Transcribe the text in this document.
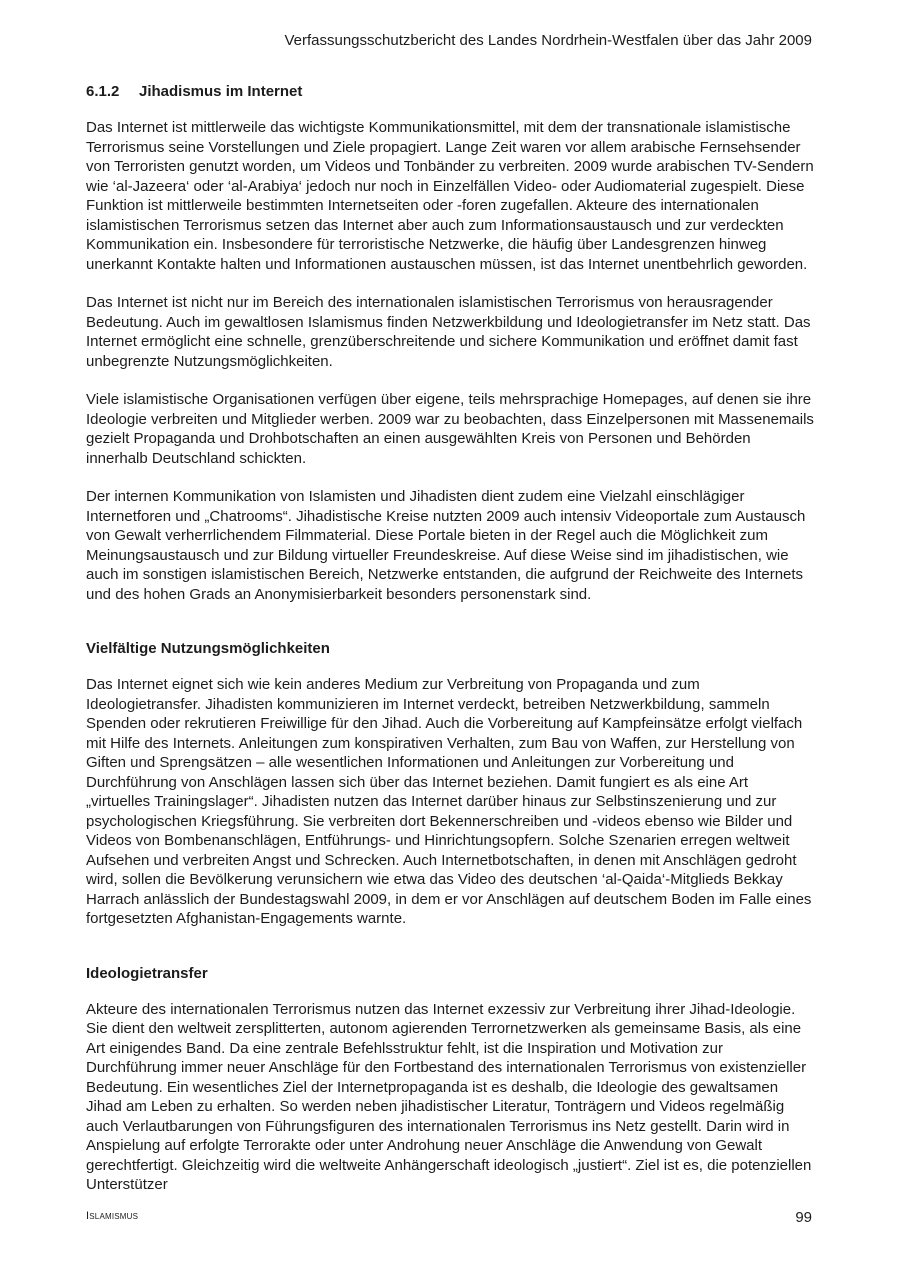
Verfassungsschutzbericht des Landes Nordrhein-Westfalen über das Jahr 2009
6.1.2 Jihadismus im Internet

Das Internet ist mittlerweile das wichtigste Kommunikationsmittel, mit dem der transnationale islamistische Terrorismus seine Vorstellungen und Ziele propagiert. Lange Zeit waren vor allem arabische Fernsehsender von Terroristen genutzt worden, um Videos und Tonbänder zu verbreiten. 2009 wurde arabischen TV-Sendern wie ‘al-Jazeera‘ oder ‘al-Arabiya‘ jedoch nur noch in Einzelfällen Video- oder Audiomaterial zugespielt. Diese Funktion ist mittlerweile bestimmten Internetseiten oder -foren zugefallen. Akteure des internationalen islamistischen Terrorismus setzen das Internet aber auch zum Informationsaustausch und zur verdeckten Kommunikation ein. Insbesondere für terroristische Netzwerke, die häufig über Landesgrenzen hinweg unerkannt Kontakte halten und Informationen austauschen müssen, ist das Internet unentbehrlich geworden.

Das Internet ist nicht nur im Bereich des internationalen islamistischen Terrorismus von herausragender Bedeutung. Auch im gewaltlosen Islamismus finden Netzwerkbildung und Ideologietransfer im Netz statt. Das Internet ermöglicht eine schnelle, grenzüberschreitende und sichere Kommunikation und eröffnet damit fast unbegrenzte Nutzungsmöglichkeiten.

Viele islamistische Organisationen verfügen über eigene, teils mehrsprachige Homepages, auf denen sie ihre Ideologie verbreiten und Mitglieder werben. 2009 war zu beobachten, dass Einzelpersonen mit Massenemails gezielt Propaganda und Drohbotschaften an einen ausgewählten Kreis von Personen und Behörden innerhalb Deutschland schickten.

Der internen Kommunikation von Islamisten und Jihadisten dient zudem eine Vielzahl einschlägiger Internetforen und „Chatrooms“. Jihadistische Kreise nutzten 2009 auch intensiv Videoportale zum Austausch von Gewalt verherrlichendem Filmmaterial. Diese Portale bieten in der Regel auch die Möglichkeit zum Meinungsaustausch und zur Bildung virtueller Freundeskreise. Auf diese Weise sind im jihadistischen, wie auch im sonstigen islamistischen Bereich, Netzwerke entstanden, die aufgrund der Reichweite des Internets und des hohen Grads an Anonymisierbarkeit besonders personenstark sind.

Vielfältige Nutzungsmöglichkeiten

Das Internet eignet sich wie kein anderes Medium zur Verbreitung von Propaganda und zum Ideologietransfer. Jihadisten kommunizieren im Internet verdeckt, betreiben Netzwerkbildung, sammeln Spenden oder rekrutieren Freiwillige für den Jihad. Auch die Vorbereitung auf Kampfeinsätze erfolgt vielfach mit Hilfe des Internets. Anleitungen zum konspirativen Verhalten, zum Bau von Waffen, zur Herstellung von Giften und Sprengsätzen – alle wesentlichen Informationen und Anleitungen zur Vorbereitung und Durchführung von Anschlägen lassen sich über das Internet beziehen. Damit fungiert es als eine Art „virtuelles Trainingslager“. Jihadisten nutzen das Internet darüber hinaus zur Selbstinszenierung und zur psychologischen Kriegsführung. Sie verbreiten dort Bekennerschreiben und -videos ebenso wie Bilder und Videos von Bombenanschlägen, Entführungs- und Hinrichtungsopfern. Solche Szenarien erregen weltweit Aufsehen und verbreiten Angst und Schrecken. Auch Internetbotschaften, in denen mit Anschlägen gedroht wird, sollen die Bevölkerung verunsichern wie etwa das Video des deutschen ‘al-Qaida‘-Mitglieds Bekkay Harrach anlässlich der Bundestagswahl 2009, in dem er vor Anschlägen auf deutschem Boden im Falle eines fortgesetzten Afghanistan-Engagements warnte.

Ideologietransfer

Akteure des internationalen Terrorismus nutzen das Internet exzessiv zur Verbreitung ihrer Jihad-Ideologie. Sie dient den weltweit zersplitterten, autonom agierenden Terrornetzwerken als gemeinsame Basis, als eine Art einigendes Band. Da eine zentrale Befehlsstruktur fehlt, ist die Inspiration und Motivation zur Durchführung immer neuer Anschläge für den Fortbestand des internationalen Terrorismus von existenzieller Bedeutung. Ein wesentliches Ziel der Internetpropaganda ist es deshalb, die Ideologie des gewaltsamen Jihad am Leben zu erhalten. So werden neben jihadistischer Literatur, Tonträgern und Videos regelmäßig auch Verlautbarungen von Führungsfiguren des internationalen Terrorismus ins Netz gestellt. Darin wird in Anspielung auf erfolgte Terrorakte oder unter Androhung neuer Anschläge die Anwendung von Gewalt gerechtfertigt. Gleichzeitig wird die weltweite Anhängerschaft ideologisch „justiert“. Ziel ist es, die potenziellen Unterstützer

Islamismus	99
